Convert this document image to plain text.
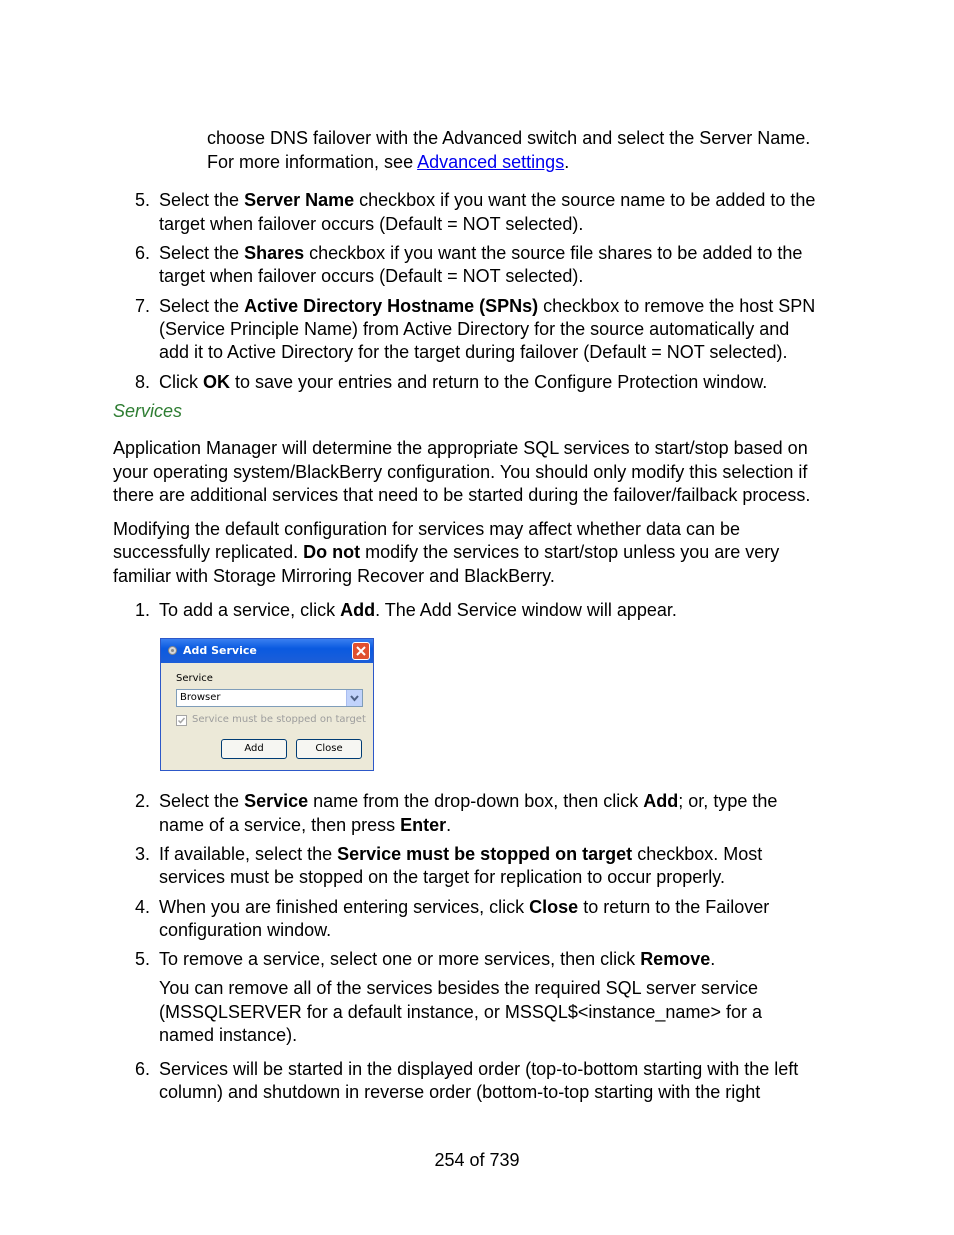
choose DNS failover with the Advanced switch and select the Server Name.
For more information, see Advanced settings.
5. Select the Server Name checkbox if you want the source name to be added to the
target when failover occurs (Default = NOT selected).
6. Select the Shares checkbox if you want the source file shares to be added to the
target when failover occurs (Default = NOT selected).
7. Select the Active Directory Hostname (SPNs) checkbox to remove the host SPN
(Service Principle Name) from Active Directory for the source automatically and
add it to Active Directory for the target during failover (Default = NOT selected).
8. Click OK to save your entries and return to the Configure Protection window.
Services
Application Manager will determine the appropriate SQL services to start/stop based on
your operating system/BlackBerry configuration. You should only modify this selection if
there are additional services that need to be started during the failover/failback process.
Modifying the default configuration for services may affect whether data can be
successfully replicated. Do not modify the services to start/stop unless you are very
familiar with Storage Mirroring Recover and BlackBerry.
1. To add a service, click Add. The Add Service window will appear.
Add Service
Service
Browser
Service must be stopped on target
Add	Close
2. Select the Service name from the drop-down box, then click Add; or, type the
name of a service, then press Enter.
3. If available, select the Service must be stopped on target checkbox. Most
services must be stopped on the target for replication to occur properly.
4. When you are finished entering services, click Close to return to the Failover
configuration window.
5. To remove a service, select one or more services, then click Remove.
You can remove all of the services besides the required SQL server service
(MSSQLSERVER for a default instance, or MSSQL$<instance_name> for a
named instance).
6. Services will be started in the displayed order (top-to-bottom starting with the left
column) and shutdown in reverse order (bottom-to-top starting with the right
254 of 739
